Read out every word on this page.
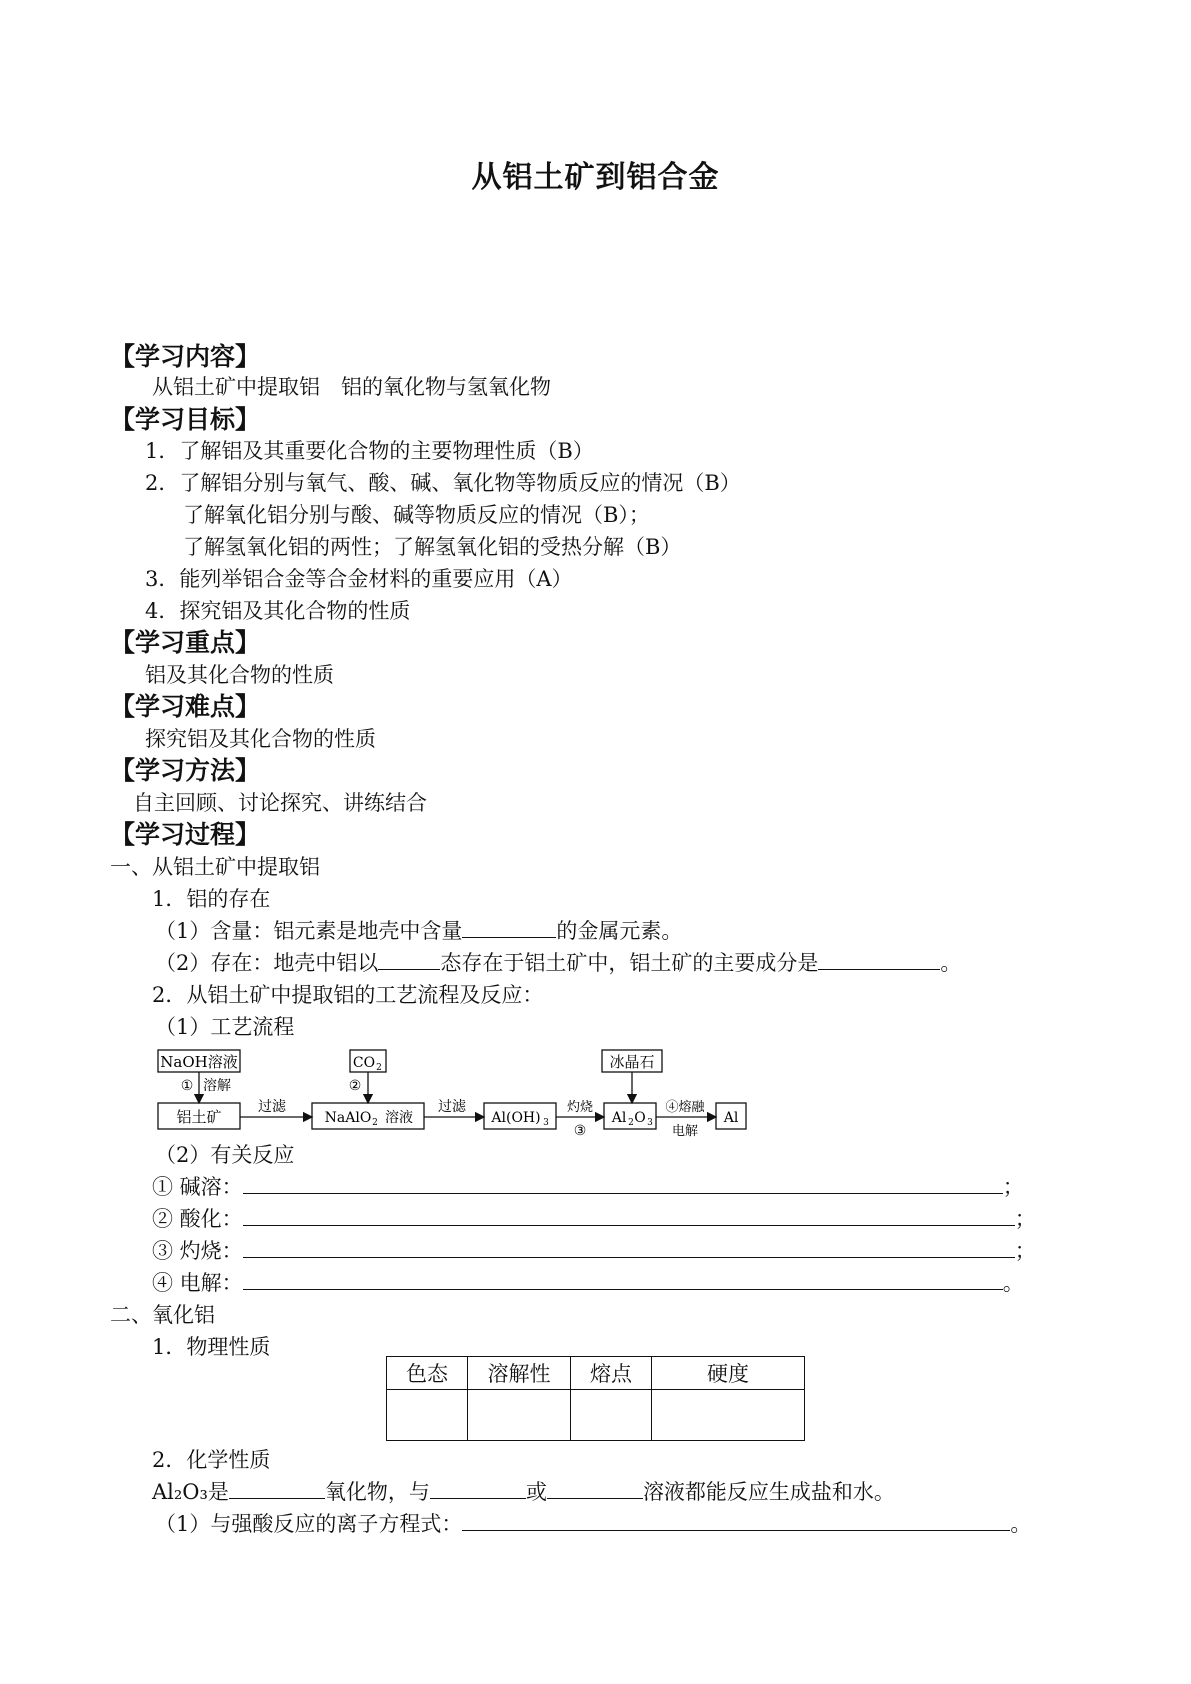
从铝土矿到铝合金
【学习内容】
从铝土矿中提取铝　铝的氧化物与氢氧化物
【学习目标】
1．了解铝及其重要化合物的主要物理性质（B）
2．了解铝分别与氧气、酸、碱、氧化物等物质反应的情况（B）
了解氧化铝分别与酸、碱等物质反应的情况（B）；
了解氢氧化铝的两性；了解氢氧化铝的受热分解（B）
3．能列举铝合金等合金材料的重要应用（A）
4．探究铝及其化合物的性质
【学习重点】
铝及其化合物的性质
【学习难点】
探究铝及其化合物的性质
【学习方法】
自主回顾、讨论探究、讲练结合
【学习过程】
一、从铝土矿中提取铝
1．铝的存在
（1）含量：铝元素是地壳中含量	的金属元素。
（2）存在：地壳中铝以	态存在于铝土矿中，铝土矿的主要成分是	。
2．从铝土矿中提取铝的工艺流程及反应：
（1）工艺流程
NaOH溶液
① 溶解
铝土矿
过滤
CO 2
②
NaAlO 2 溶液
过滤
Al(OH) 3
灼烧
③
冰晶石
Al 2 O 3
④熔融
电解
Al
（2）有关反应
① 碱溶：	；
② 酸化：	；
③ 灼烧：	；
④ 电解：	。
二、氧化铝
1．物理性质
色态	溶解性	熔点	硬度

2．化学性质
Al₂O₃是	氧化物，与	或	溶液都能反应生成盐和水。
（1）与强酸反应的离子方程式：	。
